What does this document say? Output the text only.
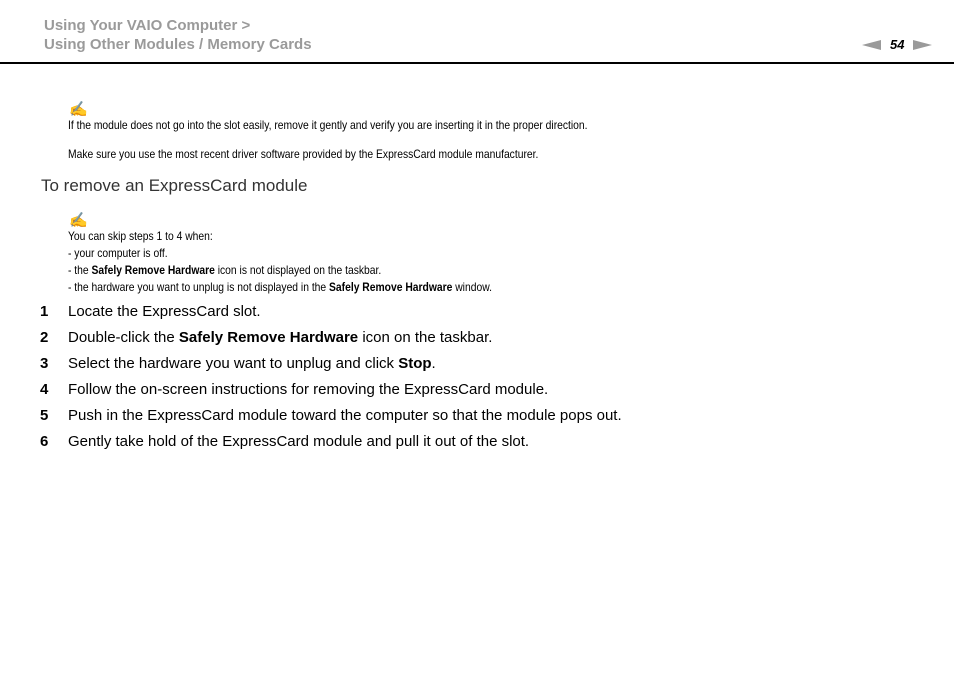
Using Your VAIO Computer >
Using Other Modules / Memory Cards	54
✍
If the module does not go into the slot easily, remove it gently and verify you are inserting it in the proper direction.
Make sure you use the most recent driver software provided by the ExpressCard module manufacturer.
To remove an ExpressCard module
✍
You can skip steps 1 to 4 when:
- your computer is off.
- the Safely Remove Hardware icon is not displayed on the taskbar.
- the hardware you want to unplug is not displayed in the Safely Remove Hardware window.
1 Locate the ExpressCard slot.
2 Double-click the Safely Remove Hardware icon on the taskbar.
3 Select the hardware you want to unplug and click Stop.
4 Follow the on-screen instructions for removing the ExpressCard module.
5 Push in the ExpressCard module toward the computer so that the module pops out.
6 Gently take hold of the ExpressCard module and pull it out of the slot.
